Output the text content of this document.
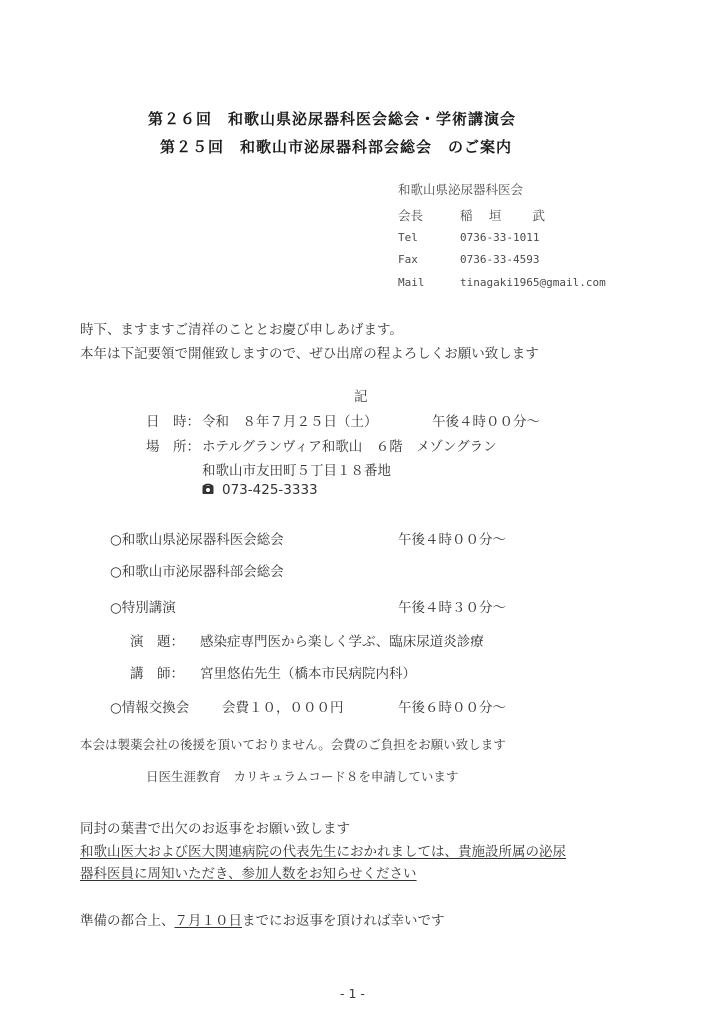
第２６回　和歌山県泌尿器科医会総会・学術講演会
第２５回　和歌山市泌尿器科部会総会　のご案内
和歌山県泌尿器科医会
会長	稲　垣　　武
Tel	0736-33-1011
Fax	0736-33-4593
Mail	tinagaki1965@gmail.com
時下、ますますご清祥のこととお慶び申しあげます。
本年は下記要領で開催致しますので、ぜひ出席の程よろしくお願い致します
記
日　時： 令和　８年７月２５日（土）	午後４時００分～
場　所： ホテルグランヴィア和歌山　６階　メゾングラン
和歌山市友田町５丁目１８番地
073-425-3333
○和歌山県泌尿器科医会総会	午後４時００分～
○和歌山市泌尿器科部会総会
○特別講演	午後４時３０分～
演　題： 感染症専門医から楽しく学ぶ、臨床尿道炎診療
講　師： 宮里悠佑先生（橋本市民病院内科）
○情報交換会 会費１０，０００円	午後６時００分～
本会は製薬会社の後援を頂いておりません。会費のご負担をお願い致します
日医生涯教育　カリキュラムコード８を申請しています
同封の葉書で出欠のお返事をお願い致します
和歌山医大および医大関連病院の代表先生におかれましては、貴施設所属の泌尿
器科医員に周知いただき、参加人数をお知らせください
準備の都合上、７月１０日までにお返事を頂ければ幸いです
- 1 -
